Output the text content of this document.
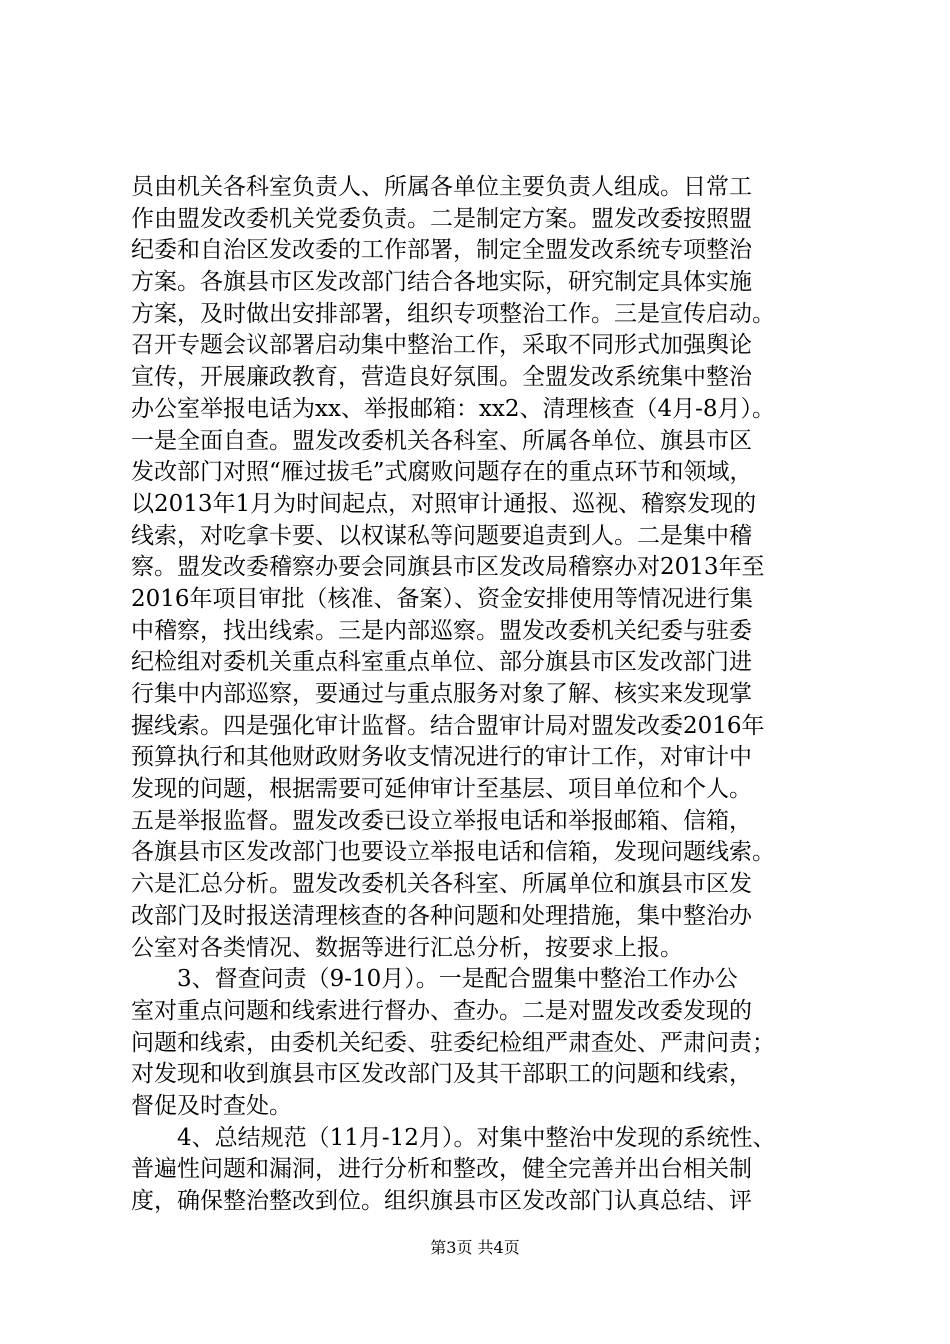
员由机关各科室负责人、所属各单位主要负责人组成。日常工
作由盟发改委机关党委负责。二是制定方案。盟发改委按照盟
纪委和自治区发改委的工作部署，制定全盟发改系统专项整治
方案。各旗县市区发改部门结合各地实际，研究制定具体实施
方案，及时做出安排部署，组织专项整治工作。三是宣传启动。
召开专题会议部署启动集中整治工作，采取不同形式加强舆论
宣传，开展廉政教育，营造良好氛围。全盟发改系统集中整治
办公室举报电话为xx、举报邮箱：xx2、清理核查（4月-8月）。
一是全面自查。盟发改委机关各科室、所属各单位、旗县市区
发改部门对照“雁过拔毛”式腐败问题存在的重点环节和领域，
以2013年1月为时间起点，对照审计通报、巡视、稽察发现的
线索，对吃拿卡要、以权谋私等问题要追责到人。二是集中稽
察。盟发改委稽察办要会同旗县市区发改局稽察办对2013年至
2016年项目审批（核准、备案）、资金安排使用等情况进行集
中稽察，找出线索。三是内部巡察。盟发改委机关纪委与驻委
纪检组对委机关重点科室重点单位、部分旗县市区发改部门进
行集中内部巡察，要通过与重点服务对象了解、核实来发现掌
握线索。四是强化审计监督。结合盟审计局对盟发改委2016年
预算执行和其他财政财务收支情况进行的审计工作，对审计中
发现的问题，根据需要可延伸审计至基层、项目单位和个人。
五是举报监督。盟发改委已设立举报电话和举报邮箱、信箱，
各旗县市区发改部门也要设立举报电话和信箱，发现问题线索。
六是汇总分析。盟发改委机关各科室、所属单位和旗县市区发
改部门及时报送清理核查的各种问题和处理措施，集中整治办
公室对各类情况、数据等进行汇总分析，按要求上报。
　　3、督查问责（9-10月）。一是配合盟集中整治工作办公
室对重点问题和线索进行督办、查办。二是对盟发改委发现的
问题和线索，由委机关纪委、驻委纪检组严肃查处、严肃问责；
对发现和收到旗县市区发改部门及其干部职工的问题和线索，
督促及时查处。
　　4、总结规范（11月-12月）。对集中整治中发现的系统性、
普遍性问题和漏洞，进行分析和整改，健全完善并出台相关制
度，确保整治整改到位。组织旗县市区发改部门认真总结、评
第3页 共4页
